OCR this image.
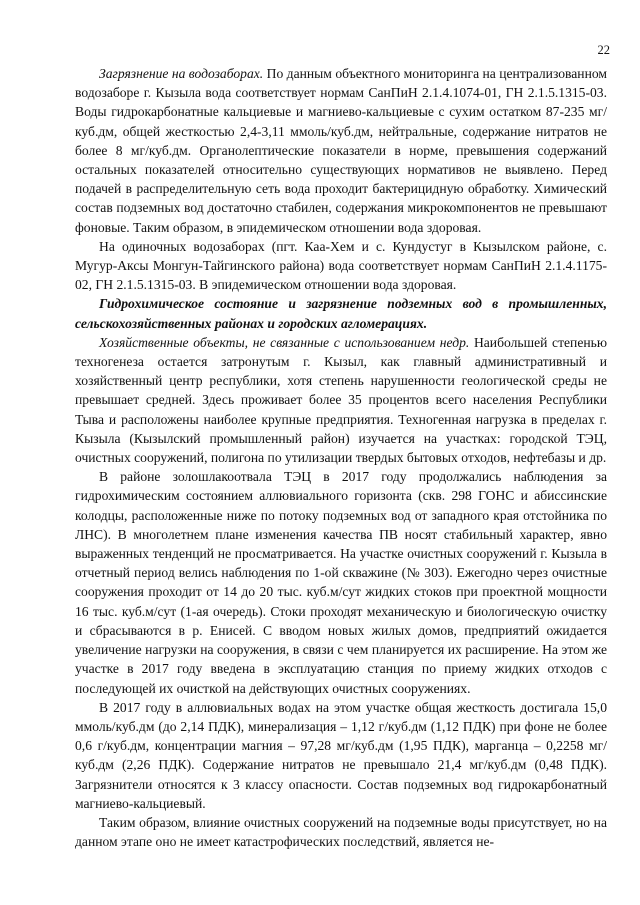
22

Загрязнение на водозаборах. По данным объектного мониторинга на централизованном водозаборе г. Кызыла вода соответствует нормам СанПиН 2.1.4.1074-01, ГН 2.1.5.1315-03. Воды гидрокарбонатные кальциевые и магниево-кальциевые с сухим остатком 87-235 мг/куб.дм, общей жесткостью 2,4-3,11 ммоль/куб.дм, нейтральные, содержание нитратов не более 8 мг/куб.дм. Органолептические показатели в норме, превышения содержаний остальных показателей относительно существующих нормативов не выявлено. Перед подачей в распределительную сеть вода проходит бактерицидную обработку. Химический состав подземных вод достаточно стабилен, содержания микрокомпонентов не превышают фоновые. Таким образом, в эпидемическом отношении вода здоровая.

На одиночных водозаборах (пгт. Каа-Хем и с. Кундустуг в Кызылском районе, с. Мугур-Аксы Монгун-Тайгинского района) вода соответствует нормам СанПиН 2.1.4.1175-02, ГН 2.1.5.1315-03. В эпидемическом отношении вода здоровая.

Гидрохимическое состояние и загрязнение подземных вод в промышленных, сельскохозяйственных районах и городских агломерациях.

Хозяйственные объекты, не связанные с использованием недр. Наибольшей степенью техногенеза остается затронутым г. Кызыл, как главный административный и хозяйственный центр республики, хотя степень нарушенности геологической среды не превышает средней. Здесь проживает более 35 процентов всего населения Республики Тыва и расположены наиболее крупные предприятия. Техногенная нагрузка в пределах г. Кызыла (Кызылский промышленный район) изучается на участках: городской ТЭЦ, очистных сооружений, полигона по утилизации твердых бытовых отходов, нефтебазы и др.

В районе золошлакоотвала ТЭЦ в 2017 году продолжались наблюдения за гидрохимическим состоянием аллювиального горизонта (скв. 298 ГОНС и абиссинские колодцы, расположенные ниже по потоку подземных вод от западного края отстойника по ЛНС). В многолетнем плане изменения качества ПВ носят стабильный характер, явно выраженных тенденций не просматривается. На участке очистных сооружений г. Кызыла в отчетный период велись наблюдения по 1-ой скважине (№ 303). Ежегодно через очистные сооружения проходит от 14 до 20 тыс. куб.м/сут жидких стоков при проектной мощности 16 тыс. куб.м/сут (1-ая очередь). Стоки проходят механическую и биологическую очистку и сбрасываются в р. Енисей. С вводом новых жилых домов, предприятий ожидается увеличение нагрузки на сооружения, в связи с чем планируется их расширение. На этом же участке в 2017 году введена в эксплуатацию станция по приему жидких отходов с последующей их очисткой на действующих очистных сооружениях.

В 2017 году в аллювиальных водах на этом участке общая жесткость достигала 15,0 ммоль/куб.дм (до 2,14 ПДК), минерализация – 1,12 г/куб.дм (1,12 ПДК) при фоне не более 0,6 г/куб.дм, концентрации магния – 97,28 мг/куб.дм (1,95 ПДК), марганца – 0,2258 мг/куб.дм (2,26 ПДК). Содержание нитратов не превышало 21,4 мг/куб.дм (0,48 ПДК). Загрязнители относятся к 3 классу опасности. Состав подземных вод гидрокарбонатный магниево-кальциевый.

Таким образом, влияние очистных сооружений на подземные воды присутствует, но на данном этапе оно не имеет катастрофических последствий, является не-
